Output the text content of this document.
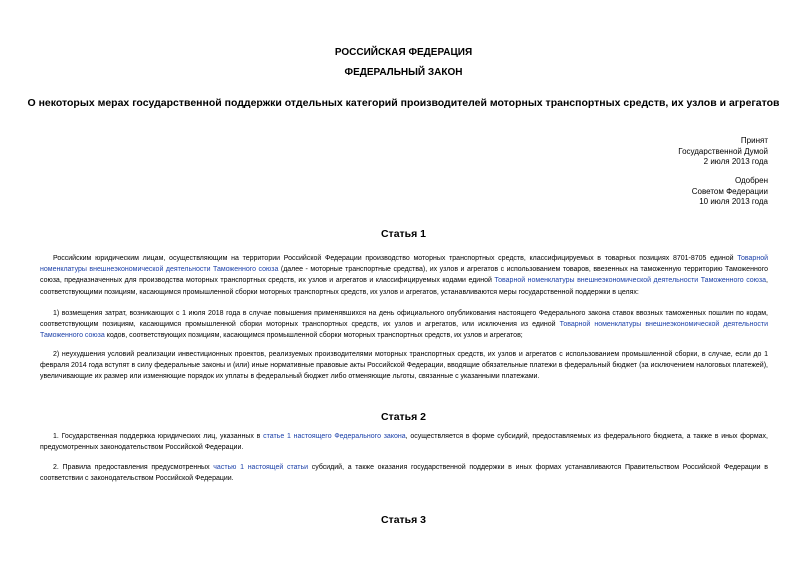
РОССИЙСКАЯ ФЕДЕРАЦИЯ
ФЕДЕРАЛЬНЫЙ ЗАКОН
О некоторых мерах государственной поддержки отдельных категорий производителей моторных транспортных средств, их узлов и агрегатов
Принят
Государственной Думой
2 июля 2013 года
Одобрен
Советом Федерации
10 июля 2013 года
Статья 1

Российским юридическим лицам, осуществляющим на территории Российской Федерации производство моторных транспортных средств, классифицируемых в товарных позициях 8701-8705 единой Товарной номенклатуры внешнеэкономической деятельности Таможенного союза (далее - моторные транспортные средства), их узлов и агрегатов с использованием товаров, ввезенных на таможенную территорию Таможенного союза, предназначенных для производства моторных транспортных средств, их узлов и агрегатов и классифицируемых кодами единой Товарной номенклатуры внешнеэкономической деятельности Таможенного союза, соответствующими позициям, касающимся промышленной сборки моторных транспортных средств, их узлов и агрегатов, устанавливаются меры государственной поддержки в целях:

1) возмещения затрат, возникающих с 1 июля 2018 года в случае повышения применявшихся на день официального опубликования настоящего Федерального закона ставок ввозных таможенных пошлин по кодам, соответствующим позициям, касающимся промышленной сборки моторных транспортных средств, их узлов и агрегатов, или исключения из единой Товарной номенклатуры внешнеэкономической деятельности Таможенного союза кодов, соответствующих позициям, касающимся промышленной сборки моторных транспортных средств, их узлов и агрегатов;

2) неухудшения условий реализации инвестиционных проектов, реализуемых производителями моторных транспортных средств, их узлов и агрегатов с использованием промышленной сборки, в случае, если до 1 февраля 2014 года вступят в силу федеральные законы и (или) иные нормативные правовые акты Российской Федерации, вводящие обязательные платежи в федеральный бюджет (за исключением налоговых платежей), увеличивающие их размер или изменяющие порядок их уплаты в федеральный бюджет либо отменяющие льготы, связанные с указанными платежами.

Статья 2

1. Государственная поддержка юридических лиц, указанных в статье 1 настоящего Федерального закона, осуществляется в форме субсидий, предоставляемых из федерального бюджета, а также в иных формах, предусмотренных законодательством Российской Федерации.

2. Правила предоставления предусмотренных частью 1 настоящей статьи субсидий, а также оказания государственной поддержки в иных формах устанавливаются Правительством Российской Федерации в соответствии с законодательством Российской Федерации.

Статья 3
